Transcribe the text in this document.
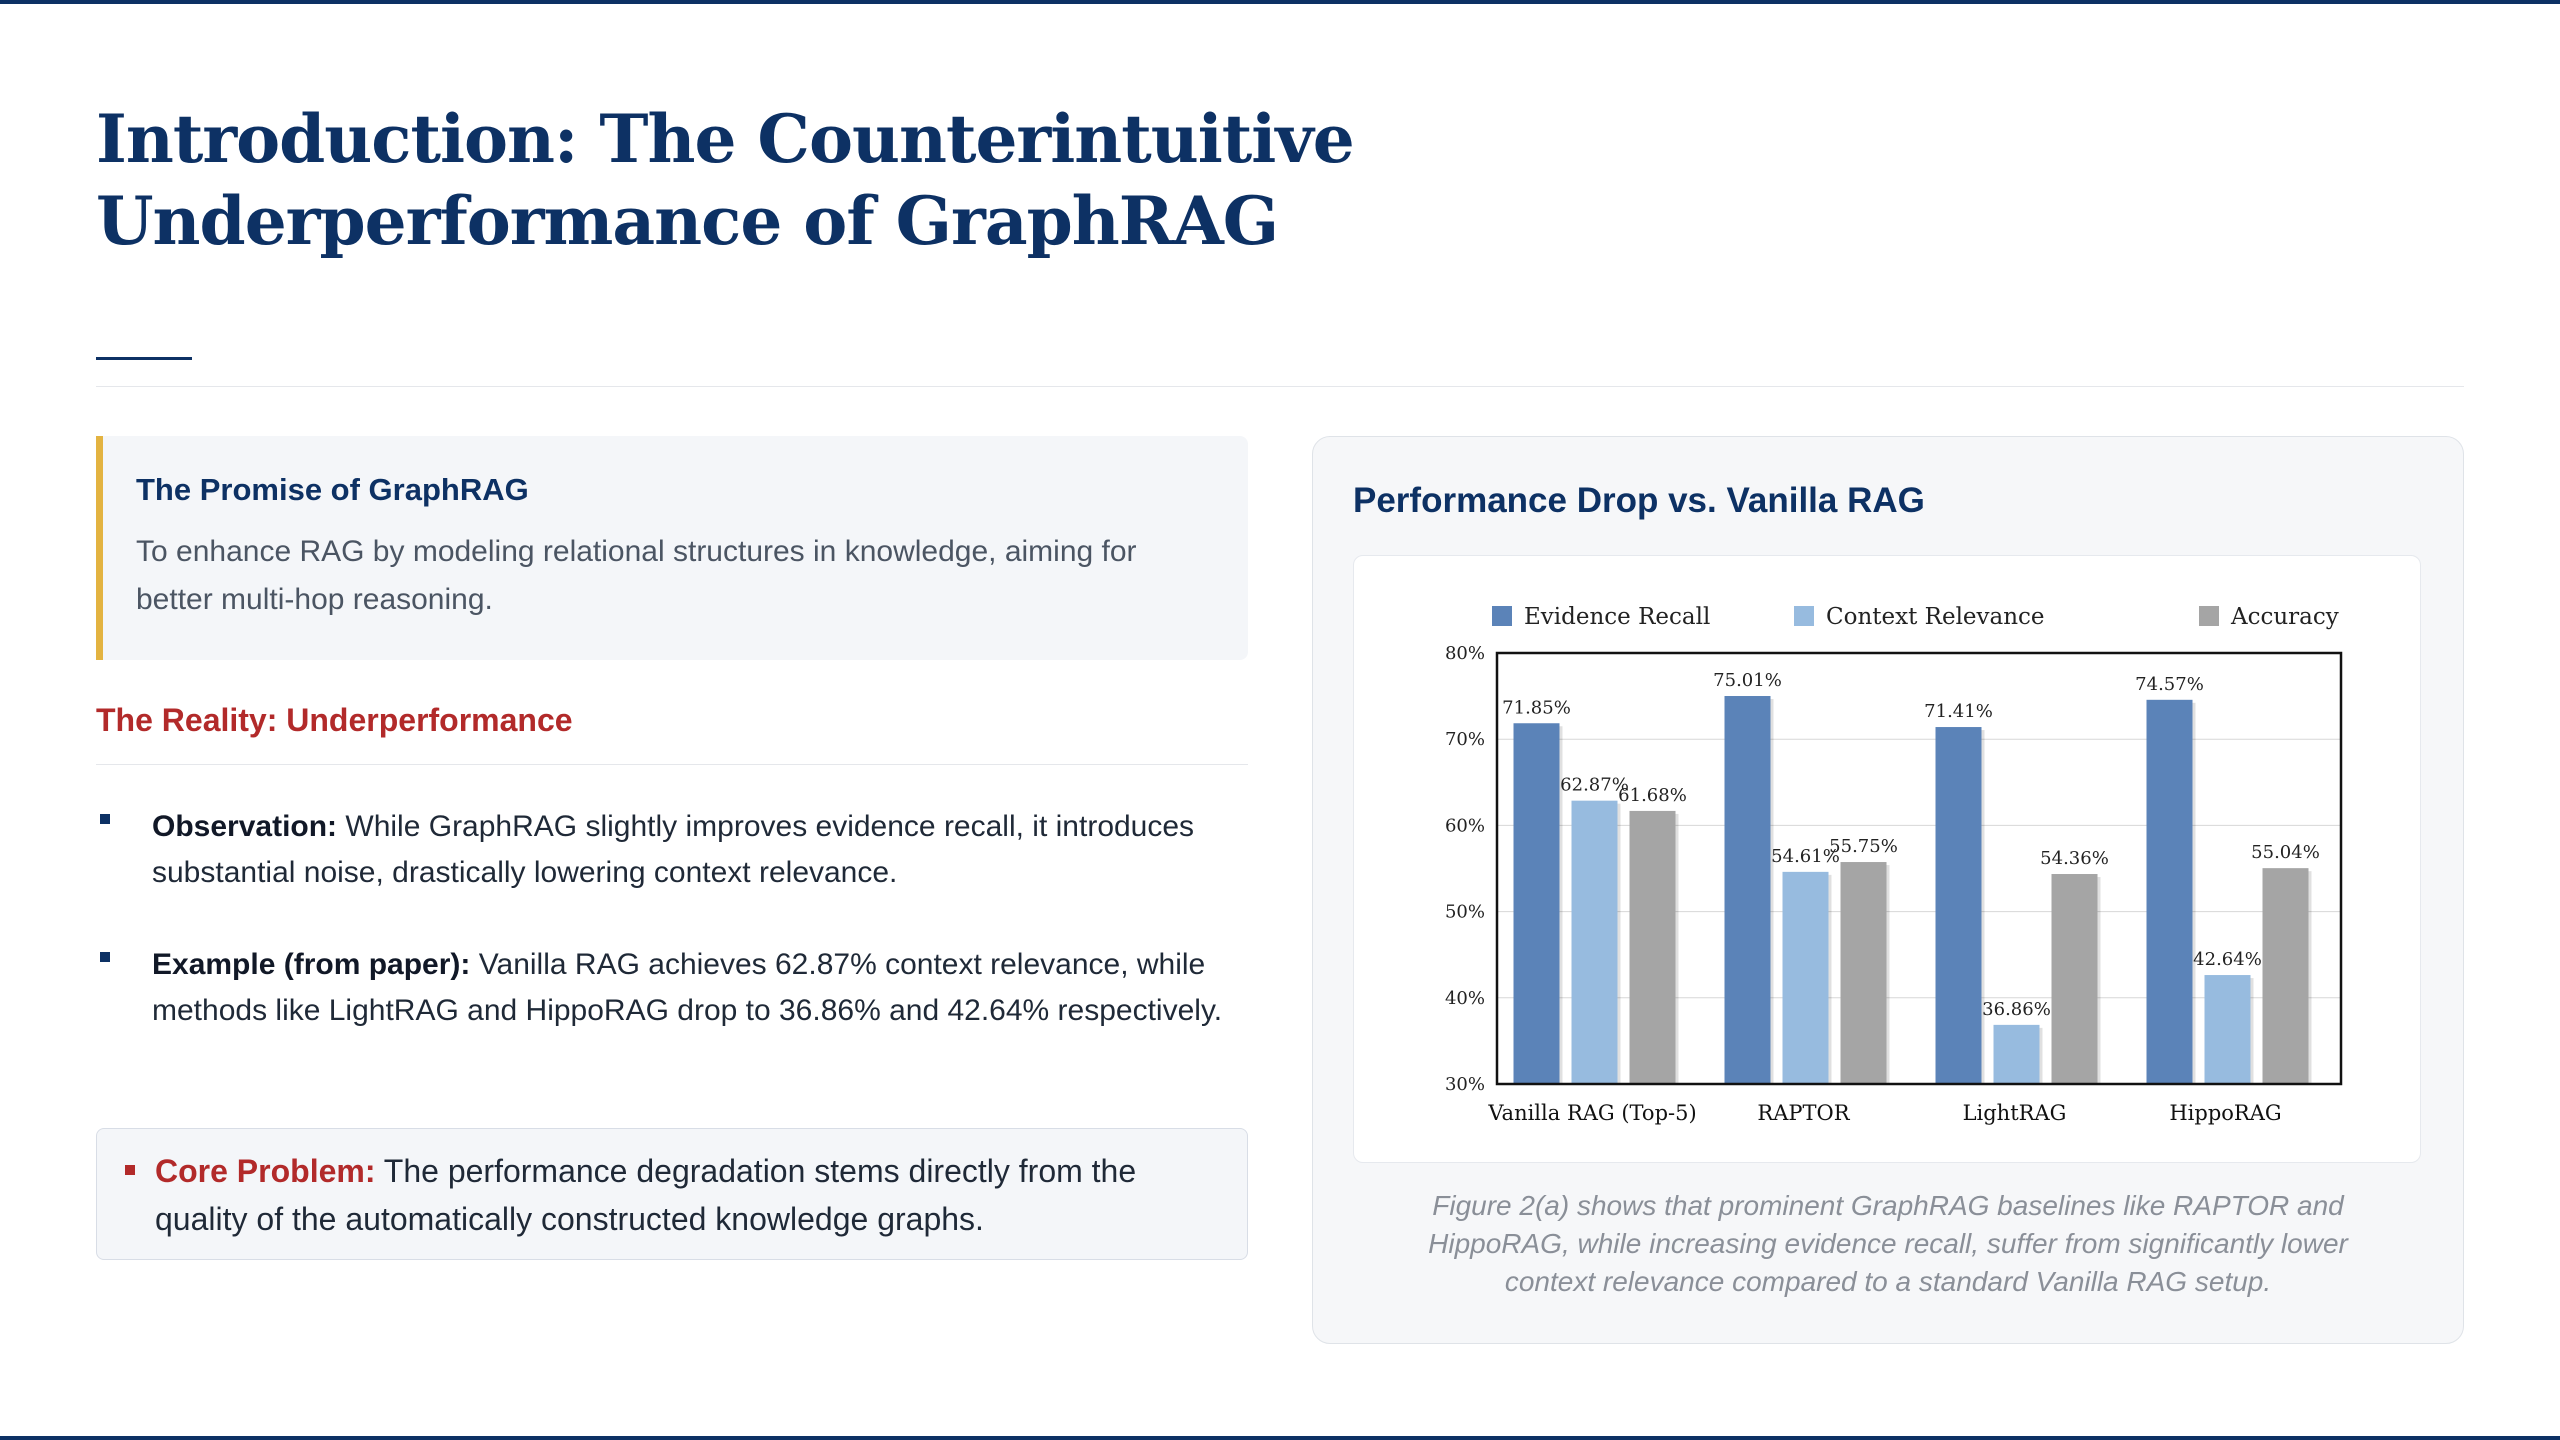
Introduction: The Counterintuitive Underperformance of GraphRAG

The Promise of GraphRAG

To enhance RAG by modeling relational structures in knowledge, aiming for better multi-hop reasoning.

The Reality: Underperformance

Observation: While GraphRAG slightly improves evidence recall, it introduces substantial noise, drastically lowering context relevance.

Example (from paper): Vanilla RAG achieves 62.87% context relevance, while methods like LightRAG and HippoRAG drop to 36.86% and 42.64% respectively.

Core Problem: The performance degradation stems directly from the quality of the automatically constructed knowledge graphs.

Performance Drop vs. Vanilla RAG

30%
40%
50%
60%
70%
80%
71.85%
62.87%
61.68%
Vanilla RAG (Top-5)
75.01%
54.61%
55.75%
RAPTOR
71.41%
36.86%
54.36%
LightRAG
74.57%
42.64%
55.04%
HippoRAG
Evidence Recall	Context Relevance	Accuracy

Figure 2(a) shows that prominent GraphRAG baselines like RAPTOR and HippoRAG, while increasing evidence recall, suffer from significantly lower context relevance compared to a standard Vanilla RAG setup.
